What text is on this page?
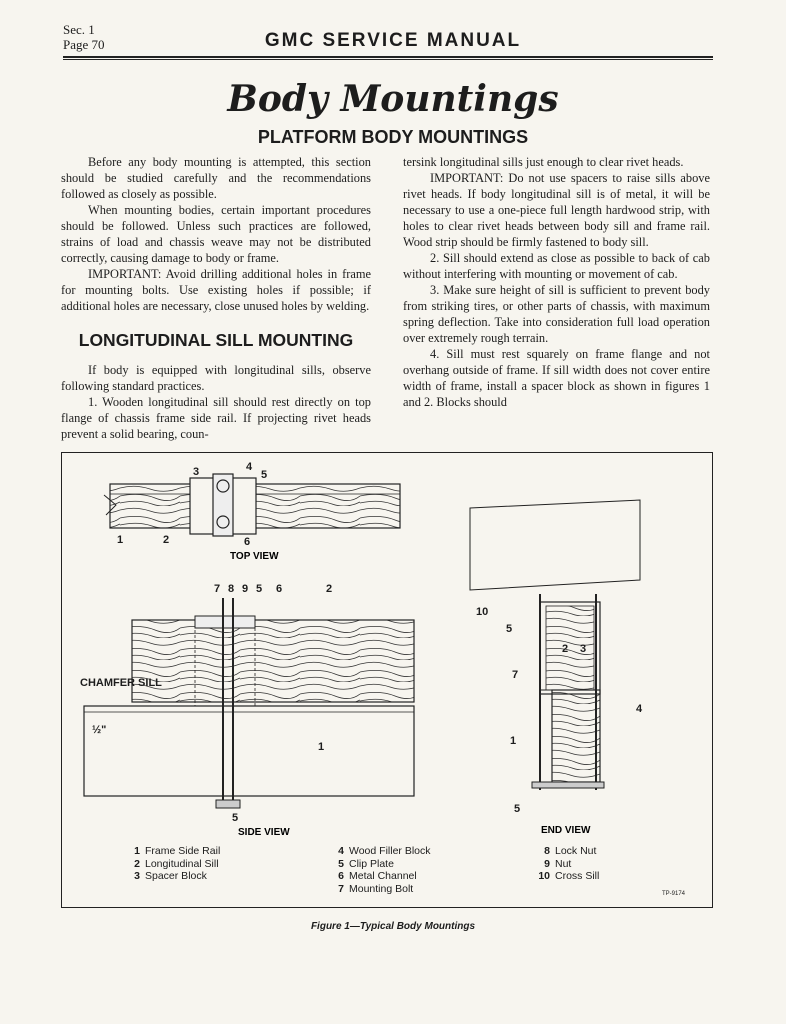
Sec. 1
Page 70	GMC SERVICE MANUAL
Body Mountings
PLATFORM BODY MOUNTINGS

Before any body mounting is attempted, this section should be studied carefully and the recommendations followed as closely as possible.

When mounting bodies, certain important procedures should be followed. Unless such practices are followed, strains of load and chassis weave may not be distributed correctly, causing damage to body or frame.

IMPORTANT: Avoid drilling additional holes in frame for mounting bolts. Use existing holes if possible; if additional holes are necessary, close unused holes by welding.

LONGITUDINAL SILL MOUNTING

If body is equipped with longitudinal sills, observe following standard practices.

1. Wooden longitudinal sill should rest directly on top flange of chassis frame side rail. If projecting rivet heads prevent a solid bearing, coun-

tersink longitudinal sills just enough to clear rivet heads.

IMPORTANT: Do not use spacers to raise sills above rivet heads. If body longitudinal sill is of metal, it will be necessary to use a one-piece full length hardwood strip, with holes to clear rivet heads between body sill and frame rail. Wood strip should be firmly fastened to body sill.

2. Sill should extend as close as possible to back of cab without interfering with mounting or movement of cab.

3. Make sure height of sill is sufficient to prevent body from striking tires, or other parts of chassis, with maximum spring deflection. Take into consideration full load operation over extremely rough terrain.

4. Sill must rest squarely on frame flange and not overhang outside of frame. If sill width does not cover entire width of frame, install a spacer block as shown in figures 1 and 2. Blocks should

3	4
5
1	2	6
TOP VIEW
7 8 9 5 6	2
CHAMFER SILL
½"
1
5
SIDE VIEW
10
5
2 3
7
4
1
5
END VIEW
1 Frame Side Rail
2 Longitudinal Sill
3 Spacer Block
4 Wood Filler Block
5 Clip Plate
6 Metal Channel
7 Mounting Bolt
8 Lock Nut
9 Nut
10 Cross Sill
TP-9174
Figure 1—Typical Body Mountings
